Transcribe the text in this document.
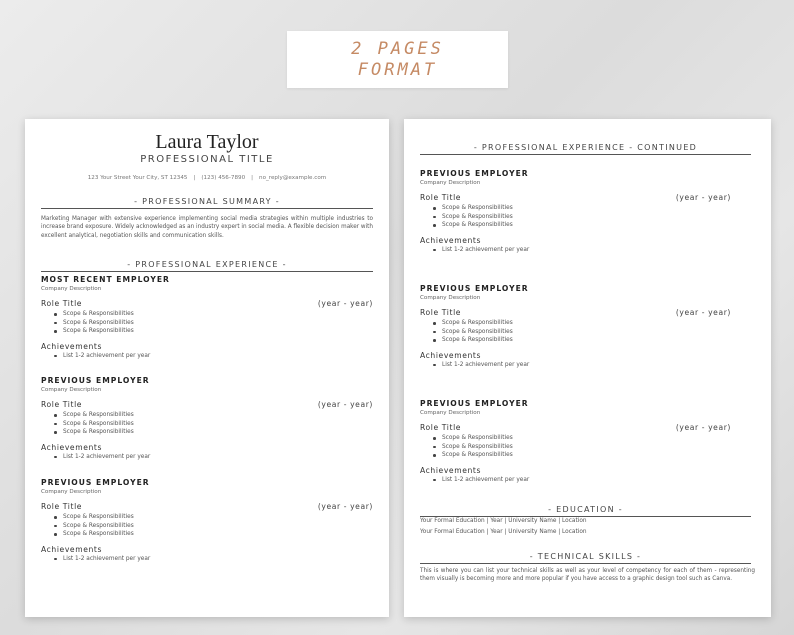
2 PAGES
FORMAT
Laura Taylor
PROFESSIONAL TITLE
123 Your Street Your City, ST 12345 | (123) 456-7890 | no_reply@example.com
- PROFESSIONAL SUMMARY -
Marketing Manager with extensive experience implementing social media strategies within multiple industries to increase brand exposure. Widely acknowledged as an industry expert in social media. A flexible decision maker with excellent analytical, negotiation skills and communication skills.
- PROFESSIONAL EXPERIENCE -
MOST RECENT EMPLOYER
Company Description
Role Title	(year - year)
Scope & Responsibilities
Scope & Responsibilities
Scope & Responsibilities
Achievements
List 1-2 achievement per year
PREVIOUS EMPLOYER
Company Description
Role Title	(year - year)
Scope & Responsibilities
Scope & Responsibilities
Scope & Responsibilities
Achievements
List 1-2 achievement per year
PREVIOUS EMPLOYER
Company Description
Role Title	(year - year)
Scope & Responsibilities
Scope & Responsibilities
Scope & Responsibilities
Achievements
List 1-2 achievement per year
- PROFESSIONAL EXPERIENCE - CONTINUED
PREVIOUS EMPLOYER
Company Description
Role Title	(year - year)
Scope & Responsibilities
Scope & Responsibilities
Scope & Responsibilities
Achievements
List 1-2 achievement per year
PREVIOUS EMPLOYER
Company Description
Role Title	(year - year)
Scope & Responsibilities
Scope & Responsibilities
Scope & Responsibilities
Achievements
List 1-2 achievement per year
PREVIOUS EMPLOYER
Company Description
Role Title	(year - year)
Scope & Responsibilities
Scope & Responsibilities
Scope & Responsibilities
Achievements
List 1-2 achievement per year
- EDUCATION -
Your Formal Education | Year | University Name | Location
Your Formal Education | Year | University Name | Location
- TECHNICAL SKILLS -
This is where you can list your technical skills as well as your level of competency for each of them - representing them visually is becoming more and more popular if you have access to a graphic design tool such as Canva.
